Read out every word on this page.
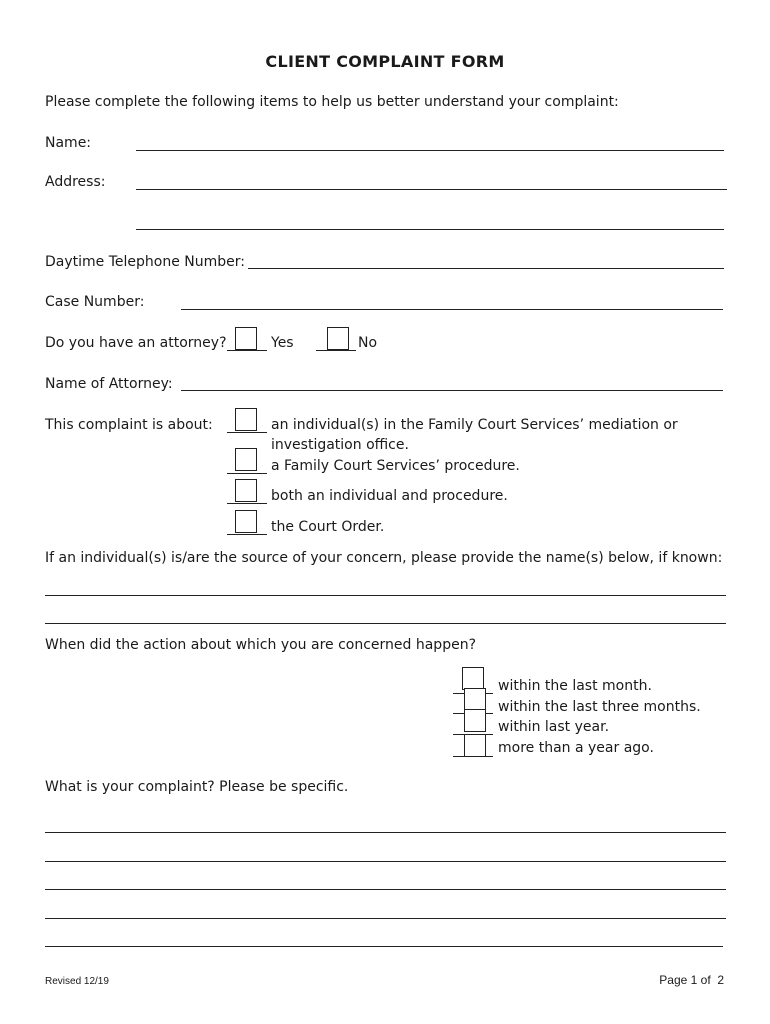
CLIENT COMPLAINT FORM
Please complete the following items to help us better understand your complaint:
Name:
Address:
Daytime Telephone Number:
Case Number:
Do you have an attorney?	Yes	No
Name of Attorney:
This complaint is about:	an individual(s) in the Family Court Services’ mediation or
investigation office.
a Family Court Services’ procedure.
both an individual and procedure.
the Court Order.
If an individual(s) is/are the source of your concern, please provide the name(s) below, if known:
When did the action about which you are concerned happen?
within the last month.
within the last three months.
within last year.
more than a year ago.
What is your complaint? Please be specific.
Revised 12/19	Page 1 of  2
